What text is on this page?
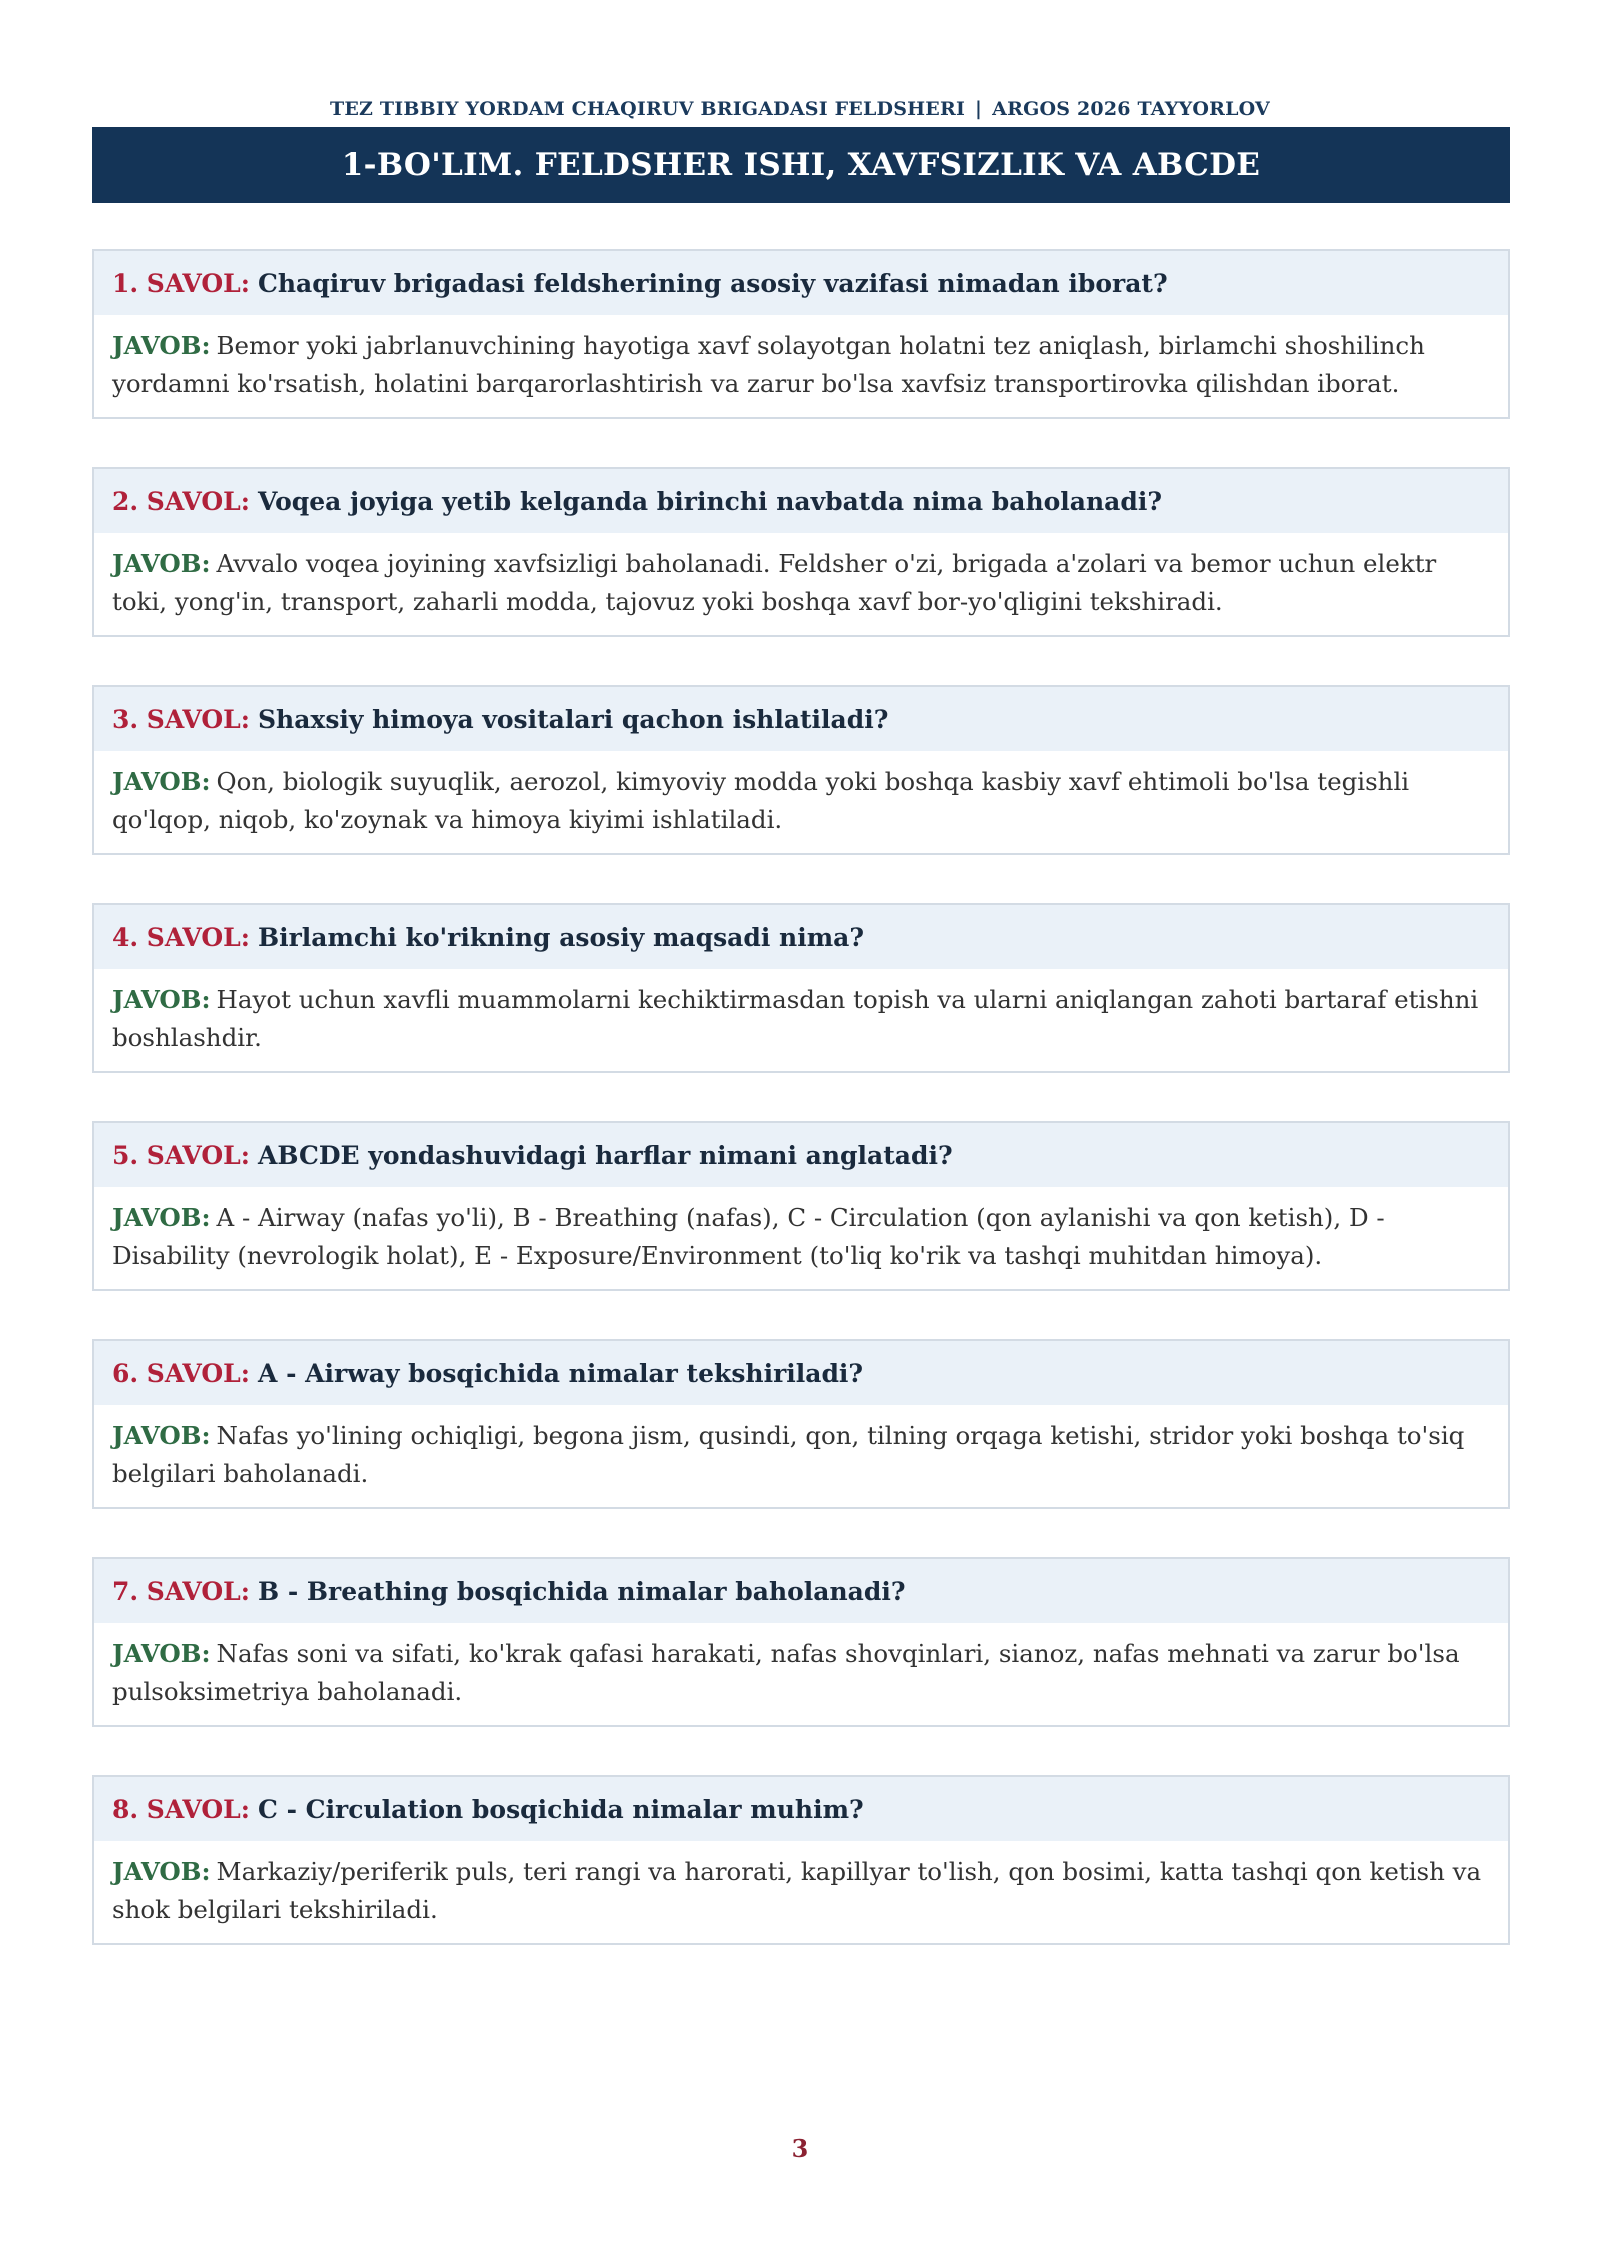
TEZ TIBBIY YORDAM CHAQIRUV BRIGADASI FELDSHERI | ARGOS 2026 TAYYORLOV
1-BO'LIM. FELDSHER ISHI, XAVFSIZLIK VA ABCDE
1. SAVOL: Chaqiruv brigadasi feldsherining asosiy vazifasi nimadan iborat?
JAVOB: Bemor yoki jabrlanuvchining hayotiga xavf solayotgan holatni tez aniqlash, birlamchi shoshilinch yordamni ko'rsatish, holatini barqarorlashtirish va zarur bo'lsa xavfsiz transportirovka qilishdan iborat.
2. SAVOL: Voqea joyiga yetib kelganda birinchi navbatda nima baholanadi?
JAVOB: Avvalo voqea joyining xavfsizligi baholanadi. Feldsher o'zi, brigada a'zolari va bemor uchun elektr toki, yong'in, transport, zaharli modda, tajovuz yoki boshqa xavf bor-yo'qligini tekshiradi.
3. SAVOL: Shaxsiy himoya vositalari qachon ishlatiladi?
JAVOB: Qon, biologik suyuqlik, aerozol, kimyoviy modda yoki boshqa kasbiy xavf ehtimoli bo'lsa tegishli qo'lqop, niqob, ko'zoynak va himoya kiyimi ishlatiladi.
4. SAVOL: Birlamchi ko'rikning asosiy maqsadi nima?
JAVOB: Hayot uchun xavfli muammolarni kechiktirmasdan topish va ularni aniqlangan zahoti bartaraf etishni boshlashdir.
5. SAVOL: ABCDE yondashuvidagi harflar nimani anglatadi?
JAVOB: A - Airway (nafas yo'li), B - Breathing (nafas), C - Circulation (qon aylanishi va qon ketish), D - Disability (nevrologik holat), E - Exposure/Environment (to'liq ko'rik va tashqi muhitdan himoya).
6. SAVOL: A - Airway bosqichida nimalar tekshiriladi?
JAVOB: Nafas yo'lining ochiqligi, begona jism, qusindi, qon, tilning orqaga ketishi, stridor yoki boshqa to'siq belgilari baholanadi.
7. SAVOL: B - Breathing bosqichida nimalar baholanadi?
JAVOB: Nafas soni va sifati, ko'krak qafasi harakati, nafas shovqinlari, sianoz, nafas mehnati va zarur bo'lsa pulsoksimetriya baholanadi.
8. SAVOL: C - Circulation bosqichida nimalar muhim?
JAVOB: Markaziy/periferik puls, teri rangi va harorati, kapillyar to'lish, qon bosimi, katta tashqi qon ketish va shok belgilari tekshiriladi.
3
